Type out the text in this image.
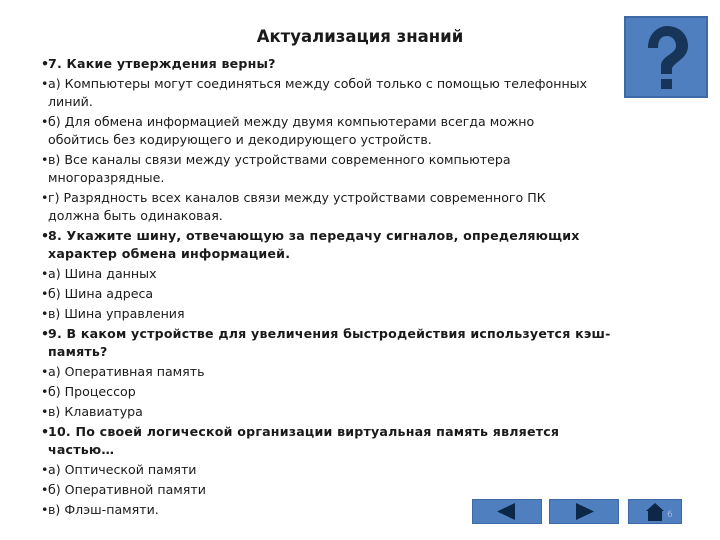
Актуализация знаний
• 7. Какие утверждения верны?
• а) Компьютеры могут соединяться между собой только с помощью телефонных
линий.
• б) Для обмена информацией между двумя компьютерами всегда можно
обойтись без кодирующего и декодирующего устройств.
• в) Все каналы связи между устройствами современного компьютера
многоразрядные.
• г) Разрядность всех каналов связи между устройствами современного ПК
должна быть одинаковая.
• 8. Укажите шину, отвечающую за передачу сигналов, определяющих
характер обмена информацией.
• а) Шина данных
• б) Шина адреса
• в) Шина управления
• 9. В каком устройстве для увеличения быстродействия используется кэш-
память?
• а) Оперативная память
• б) Процессор
• в) Клавиатура
• 10. По своей логической организации виртуальная память является
частью…
• а) Оптической памяти
• б) Оперативной памяти
• в) Флэш-памяти.	6
